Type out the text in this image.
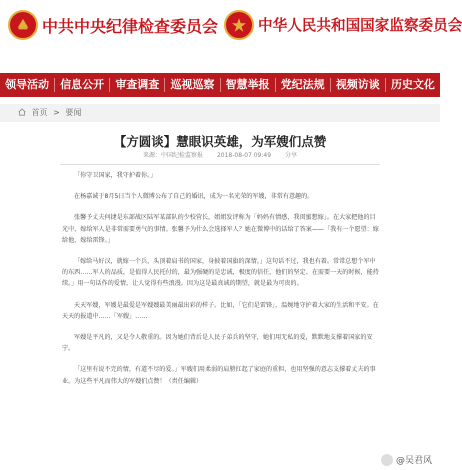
中共中央纪律检查委员会	中华人民共和国国家监察委员会
领导活动	信息公开	审查调查	巡视巡察	智慧举报	党纪法规	视频访谈	历史文化
首页 > 要闻
【方圆谈】慧眼识英雄，为军嫂们点赞
来源：中国纪检监察报 2018-08-07 09:49 分享

「你守卫国家，我守护着你。」

在杨嘉诚于8月5日当个人微博公布了自己的婚讯，成为一名光荣的军嫂，非常有意趣的。

张馨予丈夫何捷是东部战区陆军某部队的少校营长，姐姐发评称为「妈妈有情感，我闺蜜想嫁」。在大家把他的目光中，嫁给军人是非常需要勇气的事情。张馨予为什么会选择军人？她在微博中的话给了答案——「我有一个愿望：嫁给他，嫁给雷锋。」

「嫁给马好汉，就嫁一个兵，头顶着肩书的国家，身披着国旗的深情。」这句话不过，我也有着。常常总想个军中的东西……军人的品质，是值得人民托付的，最为强硬的是忠诚，极度的信任，他们的坚定、在需要一天的时候，能持续。」用一句话作的爱情，让人觉得有些浪漫。因为这是最真诚的期望，就是最为可贵的。

天天军嫂，军嫂是最爱是军嫂嫂最美丽最出彩的样子。比如，「它们是雷锋」，温婉地守护着大家的生活和平安。在天天的报道中……「军嫂」……

军嫂是平凡的，又是令人敬重的。因为她们背后是人民子弟兵的坚守，她们用无私的爱，默默地支撑着国家的安宁。

「这里有说不完的情，有道不尽的爱。」军嫂们用柔弱的肩膀扛起了家庭的重担，也用坚强的意志支撑着丈夫的事业。为这些平凡而伟大的军嫂们点赞！（责任编辑）

@吴君风
